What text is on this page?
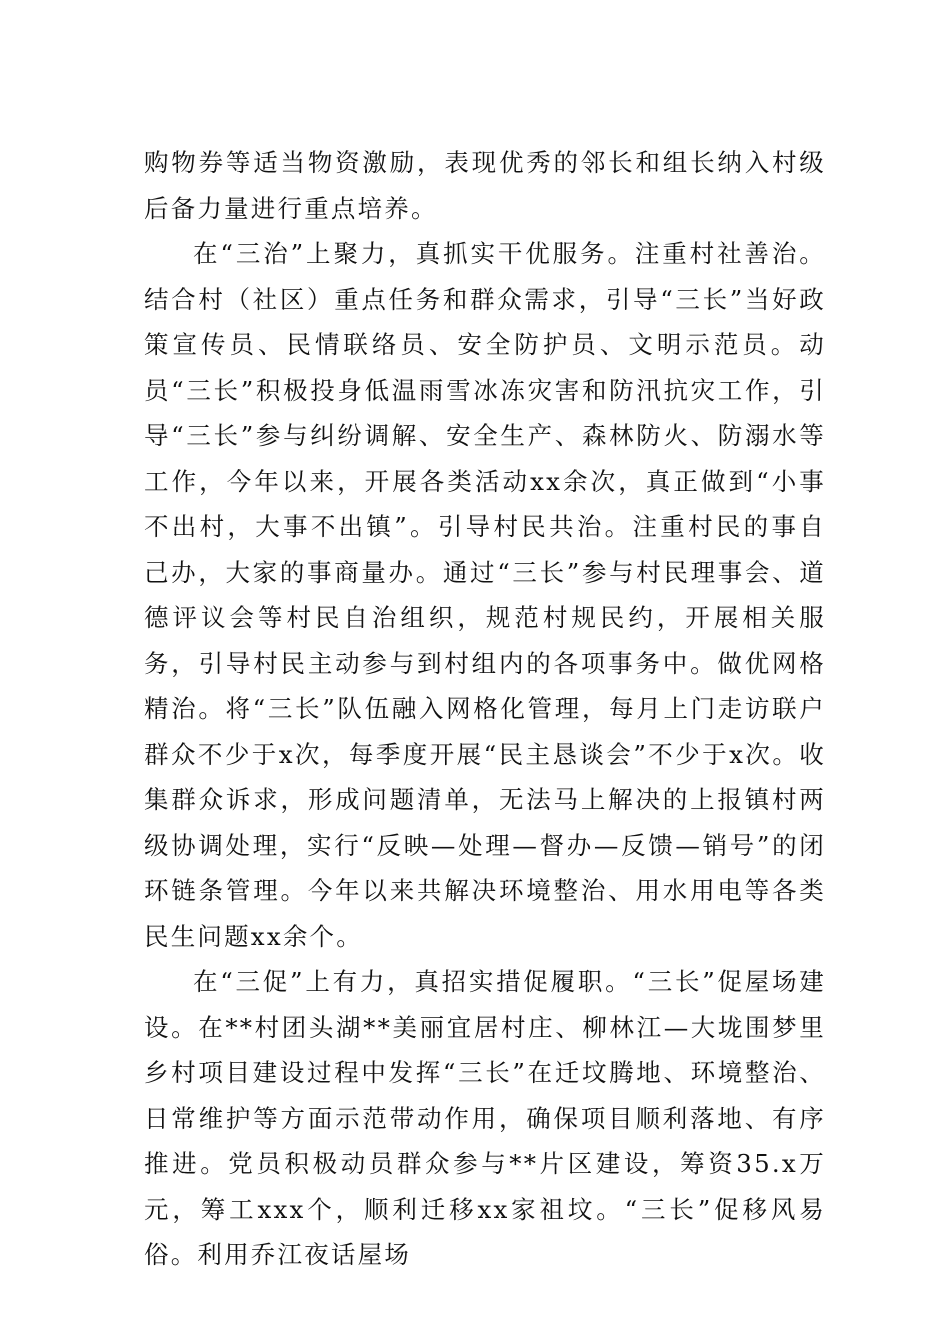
购物券等适当物资激励，表现优秀的邻长和组长纳入村级后备力量进行重点培养。

在“三治”上聚力，真抓实干优服务。注重村社善治。结合村（社区）重点任务和群众需求，引导“三长”当好政策宣传员、民情联络员、安全防护员、文明示范员。动员“三长”积极投身低温雨雪冰冻灾害和防汛抗灾工作，引导“三长”参与纠纷调解、安全生产、森林防火、防溺水等工作，今年以来，开展各类活动xx余次，真正做到“小事不出村，大事不出镇”。引导村民共治。注重村民的事自己办，大家的事商量办。通过“三长”参与村民理事会、道德评议会等村民自治组织，规范村规民约，开展相关服务，引导村民主动参与到村组内的各项事务中。做优网格精治。将“三长”队伍融入网格化管理，每月上门走访联户群众不少于x次，每季度开展“民主恳谈会”不少于x次。收集群众诉求，形成问题清单，无法马上解决的上报镇村两级协调处理，实行“反映—处理—督办—反馈—销号”的闭环链条管理。今年以来共解决环境整治、用水用电等各类民生问题xx余个。

在“三促”上有力，真招实措促履职。“三长”促屋场建设。在**村团头湖**美丽宜居村庄、柳林江—大垅围梦里乡村项目建设过程中发挥“三长”在迁坟腾地、环境整治、日常维护等方面示范带动作用，确保项目顺利落地、有序推进。党员积极动员群众参与**片区建设，筹资35.x万元，筹工xxx个，顺利迁移xx家祖坟。“三长”促移风易俗。利用乔江夜话屋场
